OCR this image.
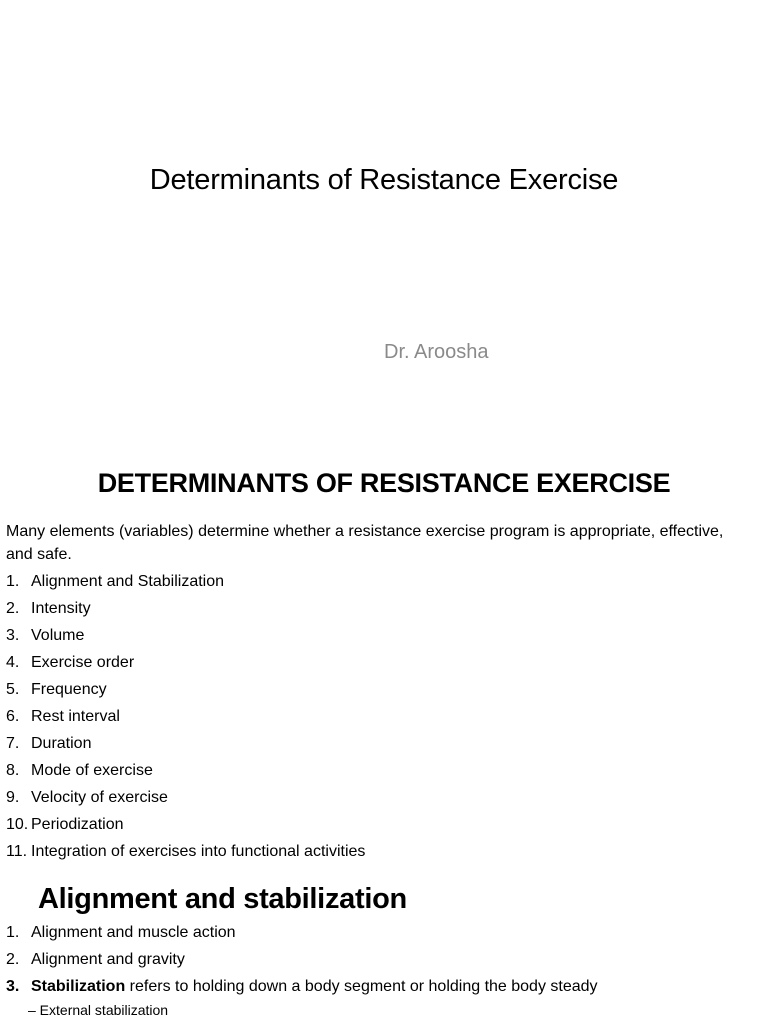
Determinants of Resistance Exercise
Dr. Aroosha
DETERMINANTS OF RESISTANCE EXERCISE
Many elements (variables) determine whether a resistance exercise program is appropriate, effective, and safe.
1. Alignment and Stabilization
2. Intensity
3. Volume
4. Exercise order
5. Frequency
6. Rest interval
7. Duration
8. Mode of exercise
9. Velocity of exercise
10. Periodization
11. Integration of exercises into functional activities
Alignment and stabilization
1. Alignment and muscle action
2. Alignment and gravity
3. Stabilization refers to holding down a body segment or holding the body steady
– External stabilization
